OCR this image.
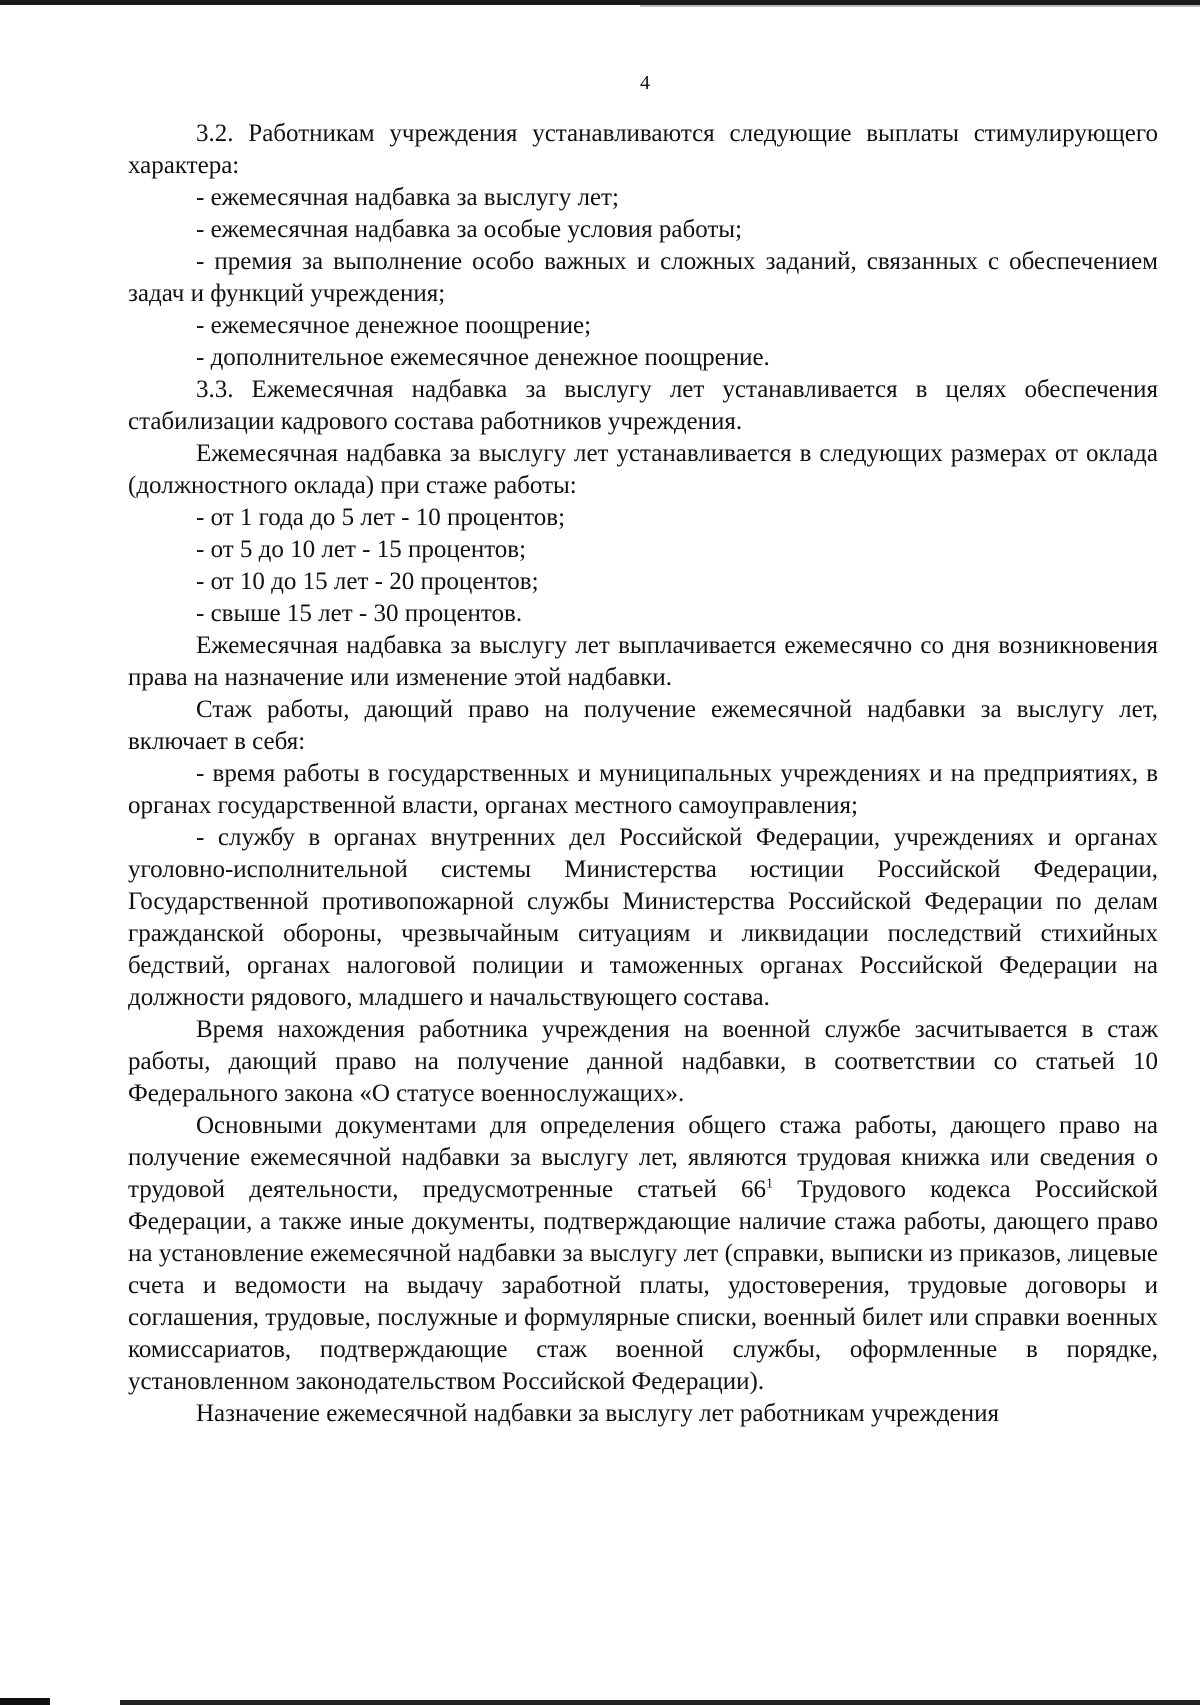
4

3.2. Работникам учреждения устанавливаются следующие выплаты стимулирующего характера:

- ежемесячная надбавка за выслугу лет;

- ежемесячная надбавка за особые условия работы;

- премия за выполнение особо важных и сложных заданий, связанных с обеспечением задач и функций учреждения;

- ежемесячное денежное поощрение;

- дополнительное ежемесячное денежное поощрение.

3.3. Ежемесячная надбавка за выслугу лет устанавливается в целях обеспечения стабилизации кадрового состава работников учреждения.

Ежемесячная надбавка за выслугу лет устанавливается в следующих размерах от оклада (должностного оклада) при стаже работы:

- от 1 года до 5 лет - 10 процентов;

- от 5 до 10 лет - 15 процентов;

- от 10 до 15 лет - 20 процентов;

- свыше 15 лет - 30 процентов.

Ежемесячная надбавка за выслугу лет выплачивается ежемесячно со дня возникновения права на назначение или изменение этой надбавки.

Стаж работы, дающий право на получение ежемесячной надбавки за выслугу лет, включает в себя:

- время работы в государственных и муниципальных учреждениях и на предприятиях, в органах государственной власти, органах местного самоуправления;

- службу в органах внутренних дел Российской Федерации, учреждениях и органах уголовно-исполнительной системы Министерства юстиции Российской Федерации, Государственной противопожарной службы Министерства Российской Федерации по делам гражданской обороны, чрезвычайным ситуациям и ликвидации последствий стихийных бедствий, органах налоговой полиции и таможенных органах Российской Федерации на должности рядового, младшего и начальствующего состава.

Время нахождения работника учреждения на военной службе засчитывается в стаж работы, дающий право на получение данной надбавки, в соответствии со статьей 10 Федерального закона «О статусе военнослужащих».

Основными документами для определения общего стажа работы, дающего право на получение ежемесячной надбавки за выслугу лет, являются трудовая книжка или сведения о трудовой деятельности, предусмотренные статьей $66^1$ Трудового кодекса Российской Федерации, а также иные документы, подтверждающие наличие стажа работы, дающего право на установление ежемесячной надбавки за выслугу лет (справки, выписки из приказов, лицевые счета и ведомости на выдачу заработной платы, удостоверения, трудовые договоры и соглашения, трудовые, послужные и формулярные списки, военный билет или справки военных комиссариатов, подтверждающие стаж военной службы, оформленные в порядке, установленном законодательством Российской Федерации).

Назначение ежемесячной надбавки за выслугу лет работникам учреждения
